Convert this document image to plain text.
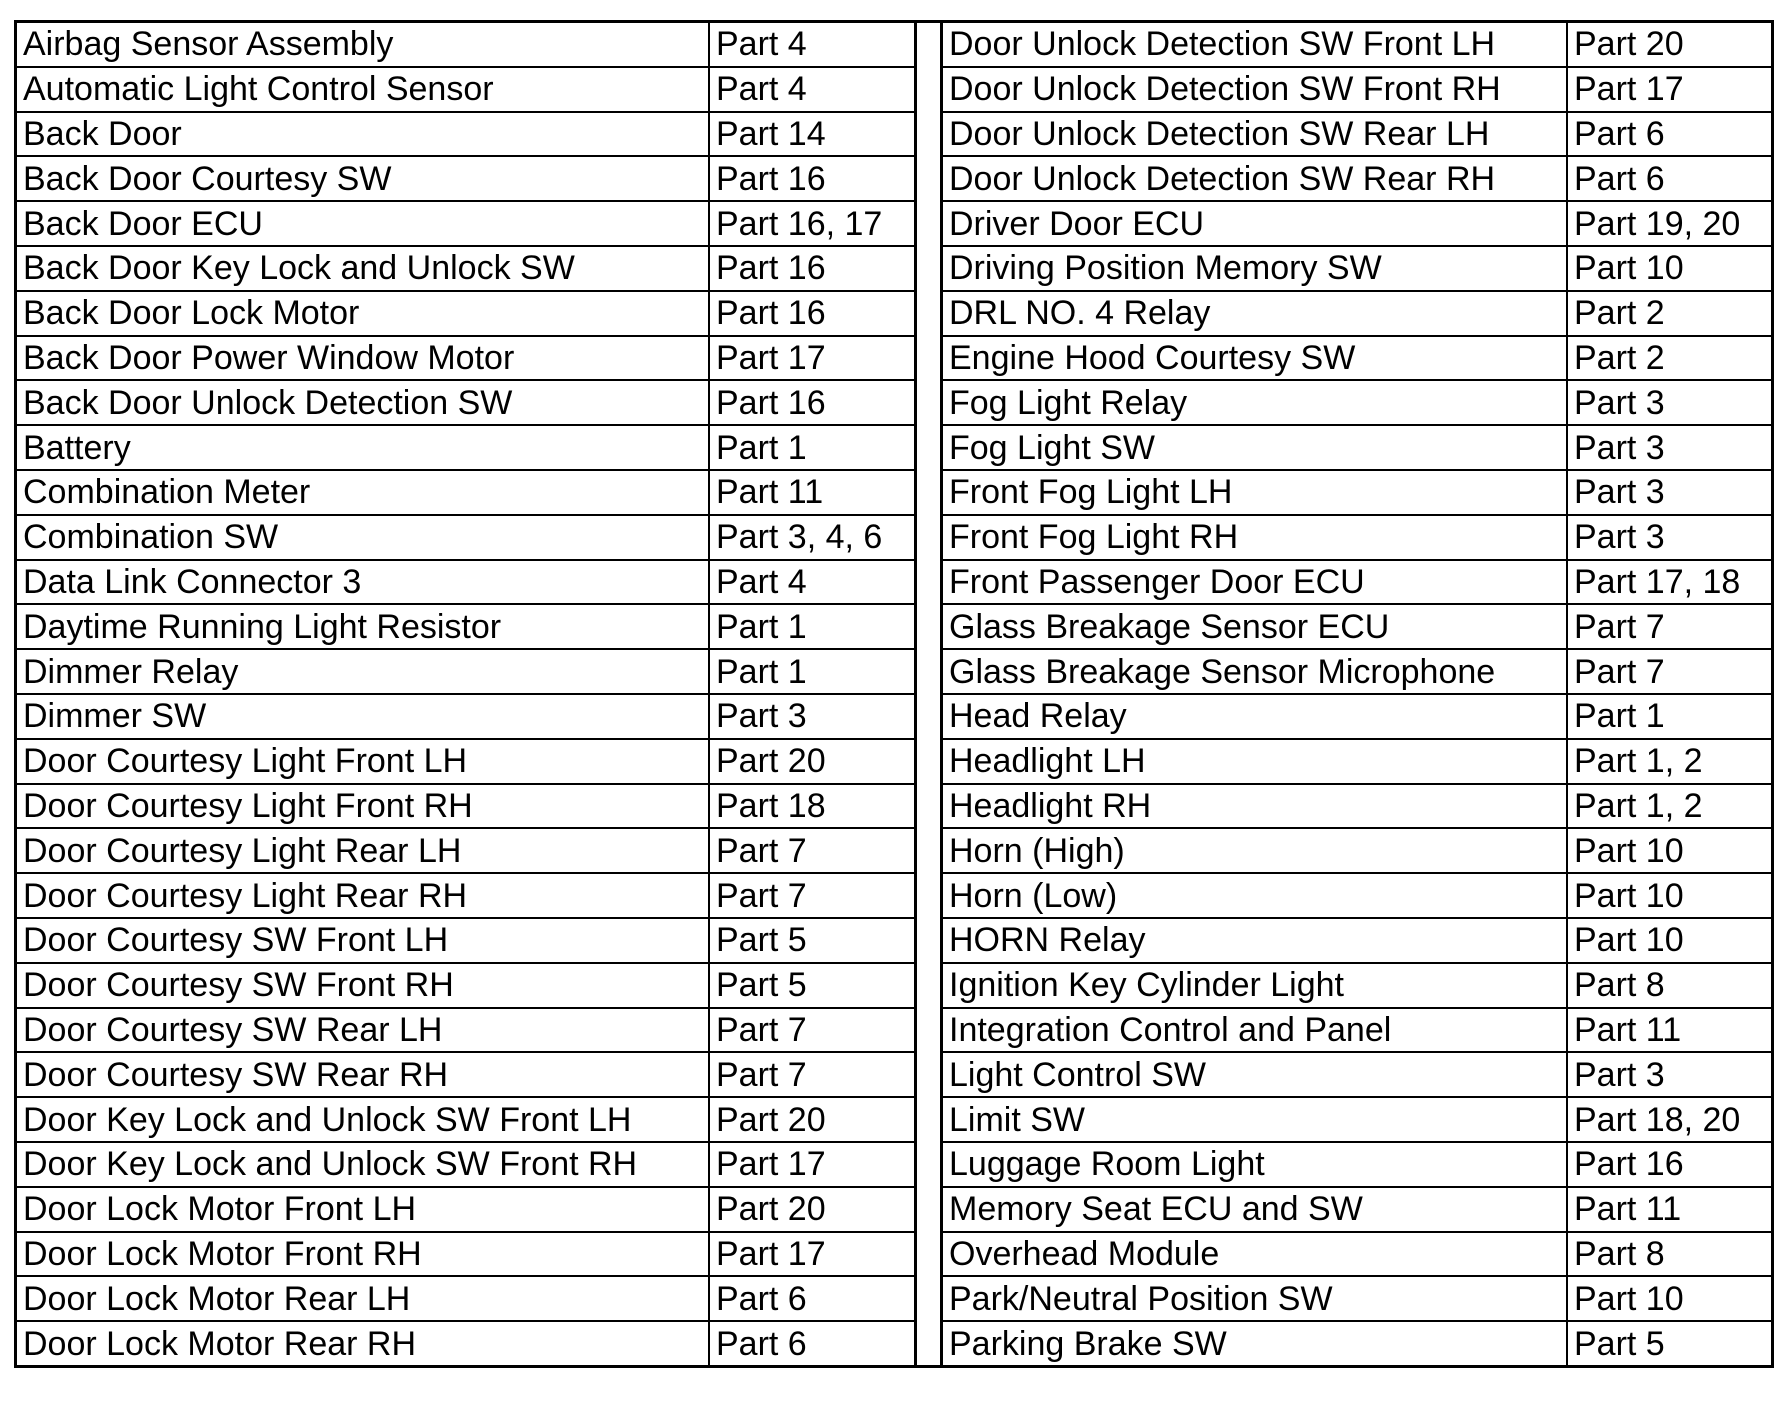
Airbag Sensor Assembly	Part 4
Automatic Light Control Sensor	Part 4
Back Door	Part 14
Back Door Courtesy SW	Part 16
Back Door ECU	Part 16, 17
Back Door Key Lock and Unlock SW	Part 16
Back Door Lock Motor	Part 16
Back Door Power Window Motor	Part 17
Back Door Unlock Detection SW	Part 16
Battery	Part 1
Combination Meter	Part 11
Combination SW	Part 3, 4, 6
Data Link Connector 3	Part 4
Daytime Running Light Resistor	Part 1
Dimmer Relay	Part 1
Dimmer SW	Part 3
Door Courtesy Light Front LH	Part 20
Door Courtesy Light Front RH	Part 18
Door Courtesy Light Rear LH	Part 7
Door Courtesy Light Rear RH	Part 7
Door Courtesy SW Front LH	Part 5
Door Courtesy SW Front RH	Part 5
Door Courtesy SW Rear LH	Part 7
Door Courtesy SW Rear RH	Part 7
Door Key Lock and Unlock SW Front LH	Part 20
Door Key Lock and Unlock SW Front RH	Part 17
Door Lock Motor Front LH	Part 20
Door Lock Motor Front RH	Part 17
Door Lock Motor Rear LH	Part 6
Door Lock Motor Rear RH	Part 6
Door Unlock Detection SW Front LH	Part 20
Door Unlock Detection SW Front RH	Part 17
Door Unlock Detection SW Rear LH	Part 6
Door Unlock Detection SW Rear RH	Part 6
Driver Door ECU	Part 19, 20
Driving Position Memory SW	Part 10
DRL NO. 4 Relay	Part 2
Engine Hood Courtesy SW	Part 2
Fog Light Relay	Part 3
Fog Light SW	Part 3
Front Fog Light LH	Part 3
Front Fog Light RH	Part 3
Front Passenger Door ECU	Part 17, 18
Glass Breakage Sensor ECU	Part 7
Glass Breakage Sensor Microphone	Part 7
Head Relay	Part 1
Headlight LH	Part 1, 2
Headlight RH	Part 1, 2
Horn (High)	Part 10
Horn (Low)	Part 10
HORN Relay	Part 10
Ignition Key Cylinder Light	Part 8
Integration Control and Panel	Part 11
Light Control SW	Part 3
Limit SW	Part 18, 20
Luggage Room Light	Part 16
Memory Seat ECU and SW	Part 11
Overhead Module	Part 8
Park/Neutral Position SW	Part 10
Parking Brake SW	Part 5
